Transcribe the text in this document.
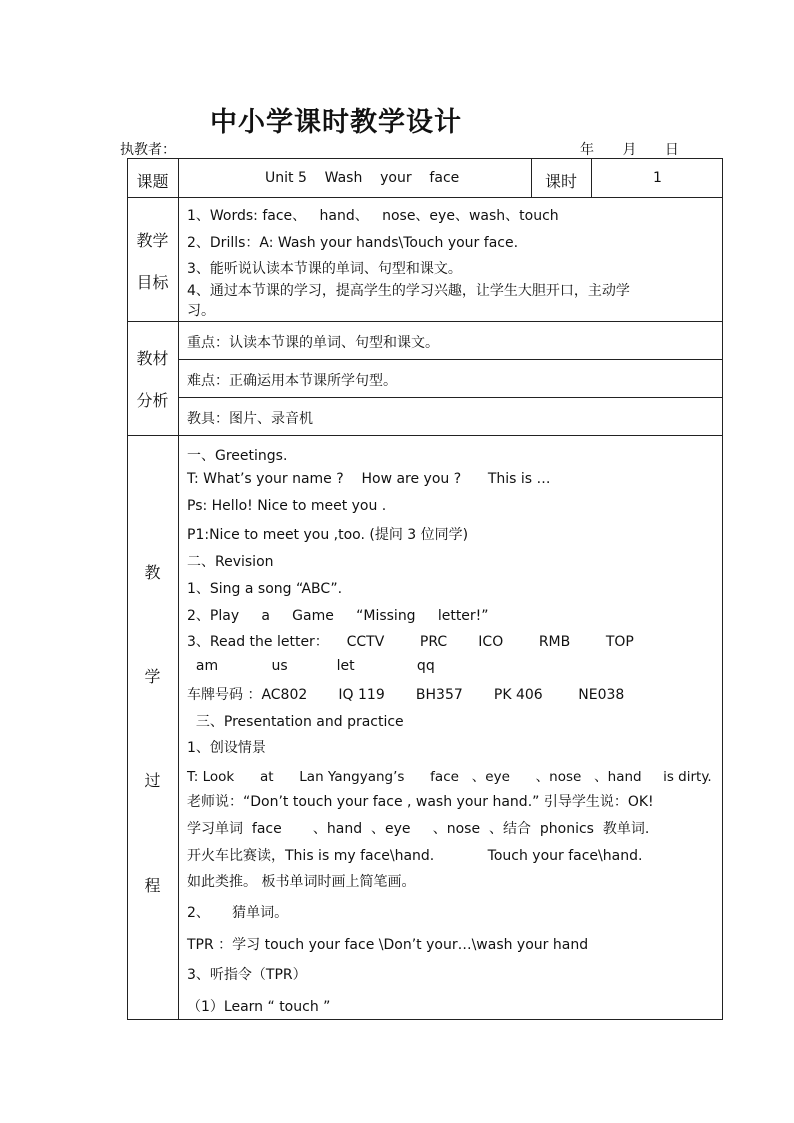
中小学课时教学设计
执教者：	年 月 日
课题	Unit 5    Wash    your    face	课时	1
教学
目标
1、Words: face、   hand、   nose、eye、wash、touch
2、Drills：A: Wash your hands\Touch your face.
3、能听说认读本节课的单词、句型和课文。
4、通过本节课的学习，提高学生的学习兴趣，让学生大胆开口，主动学
习。
教材
分析
重点：认读本节课的单词、句型和课文。
难点：正确运用本节课所学句型。
教具：图片、录音机
教
学
过
程
一、Greetings.
T: What’s your name ?    How are you ?      This is …
Ps: Hello! Nice to meet you .
P1:Nice to meet you ,too. (提问 3 位同学)
二、Revision
1、Sing a song “ABC”.
2、Play     a     Game     “Missing     letter!”
3、Read the letter：    CCTV        PRC       ICO        RMB        TOP
am            us           let              qq
车牌号码 ：AC802       IQ 119       BH357       PK 406        NE038
三、Presentation and practice
1、创设情景
T: Look      at      Lan Yangyang’s      face   、eye      、nose   、hand     is dirty.
老师说：“Don’t touch your face , wash your hand.” 引导学生说：OK!
学习单词  face       、hand  、eye     、nose  、结合  phonics  教单词.
开火车比赛读，This is my face\hand.            Touch your face\hand.
如此类推。 板书单词时画上简笔画。
2、     猜单词。
TPR ：学习 touch your face \Don’t your…\wash your hand
3、听指令（TPR）
（1）Learn “ touch ”
